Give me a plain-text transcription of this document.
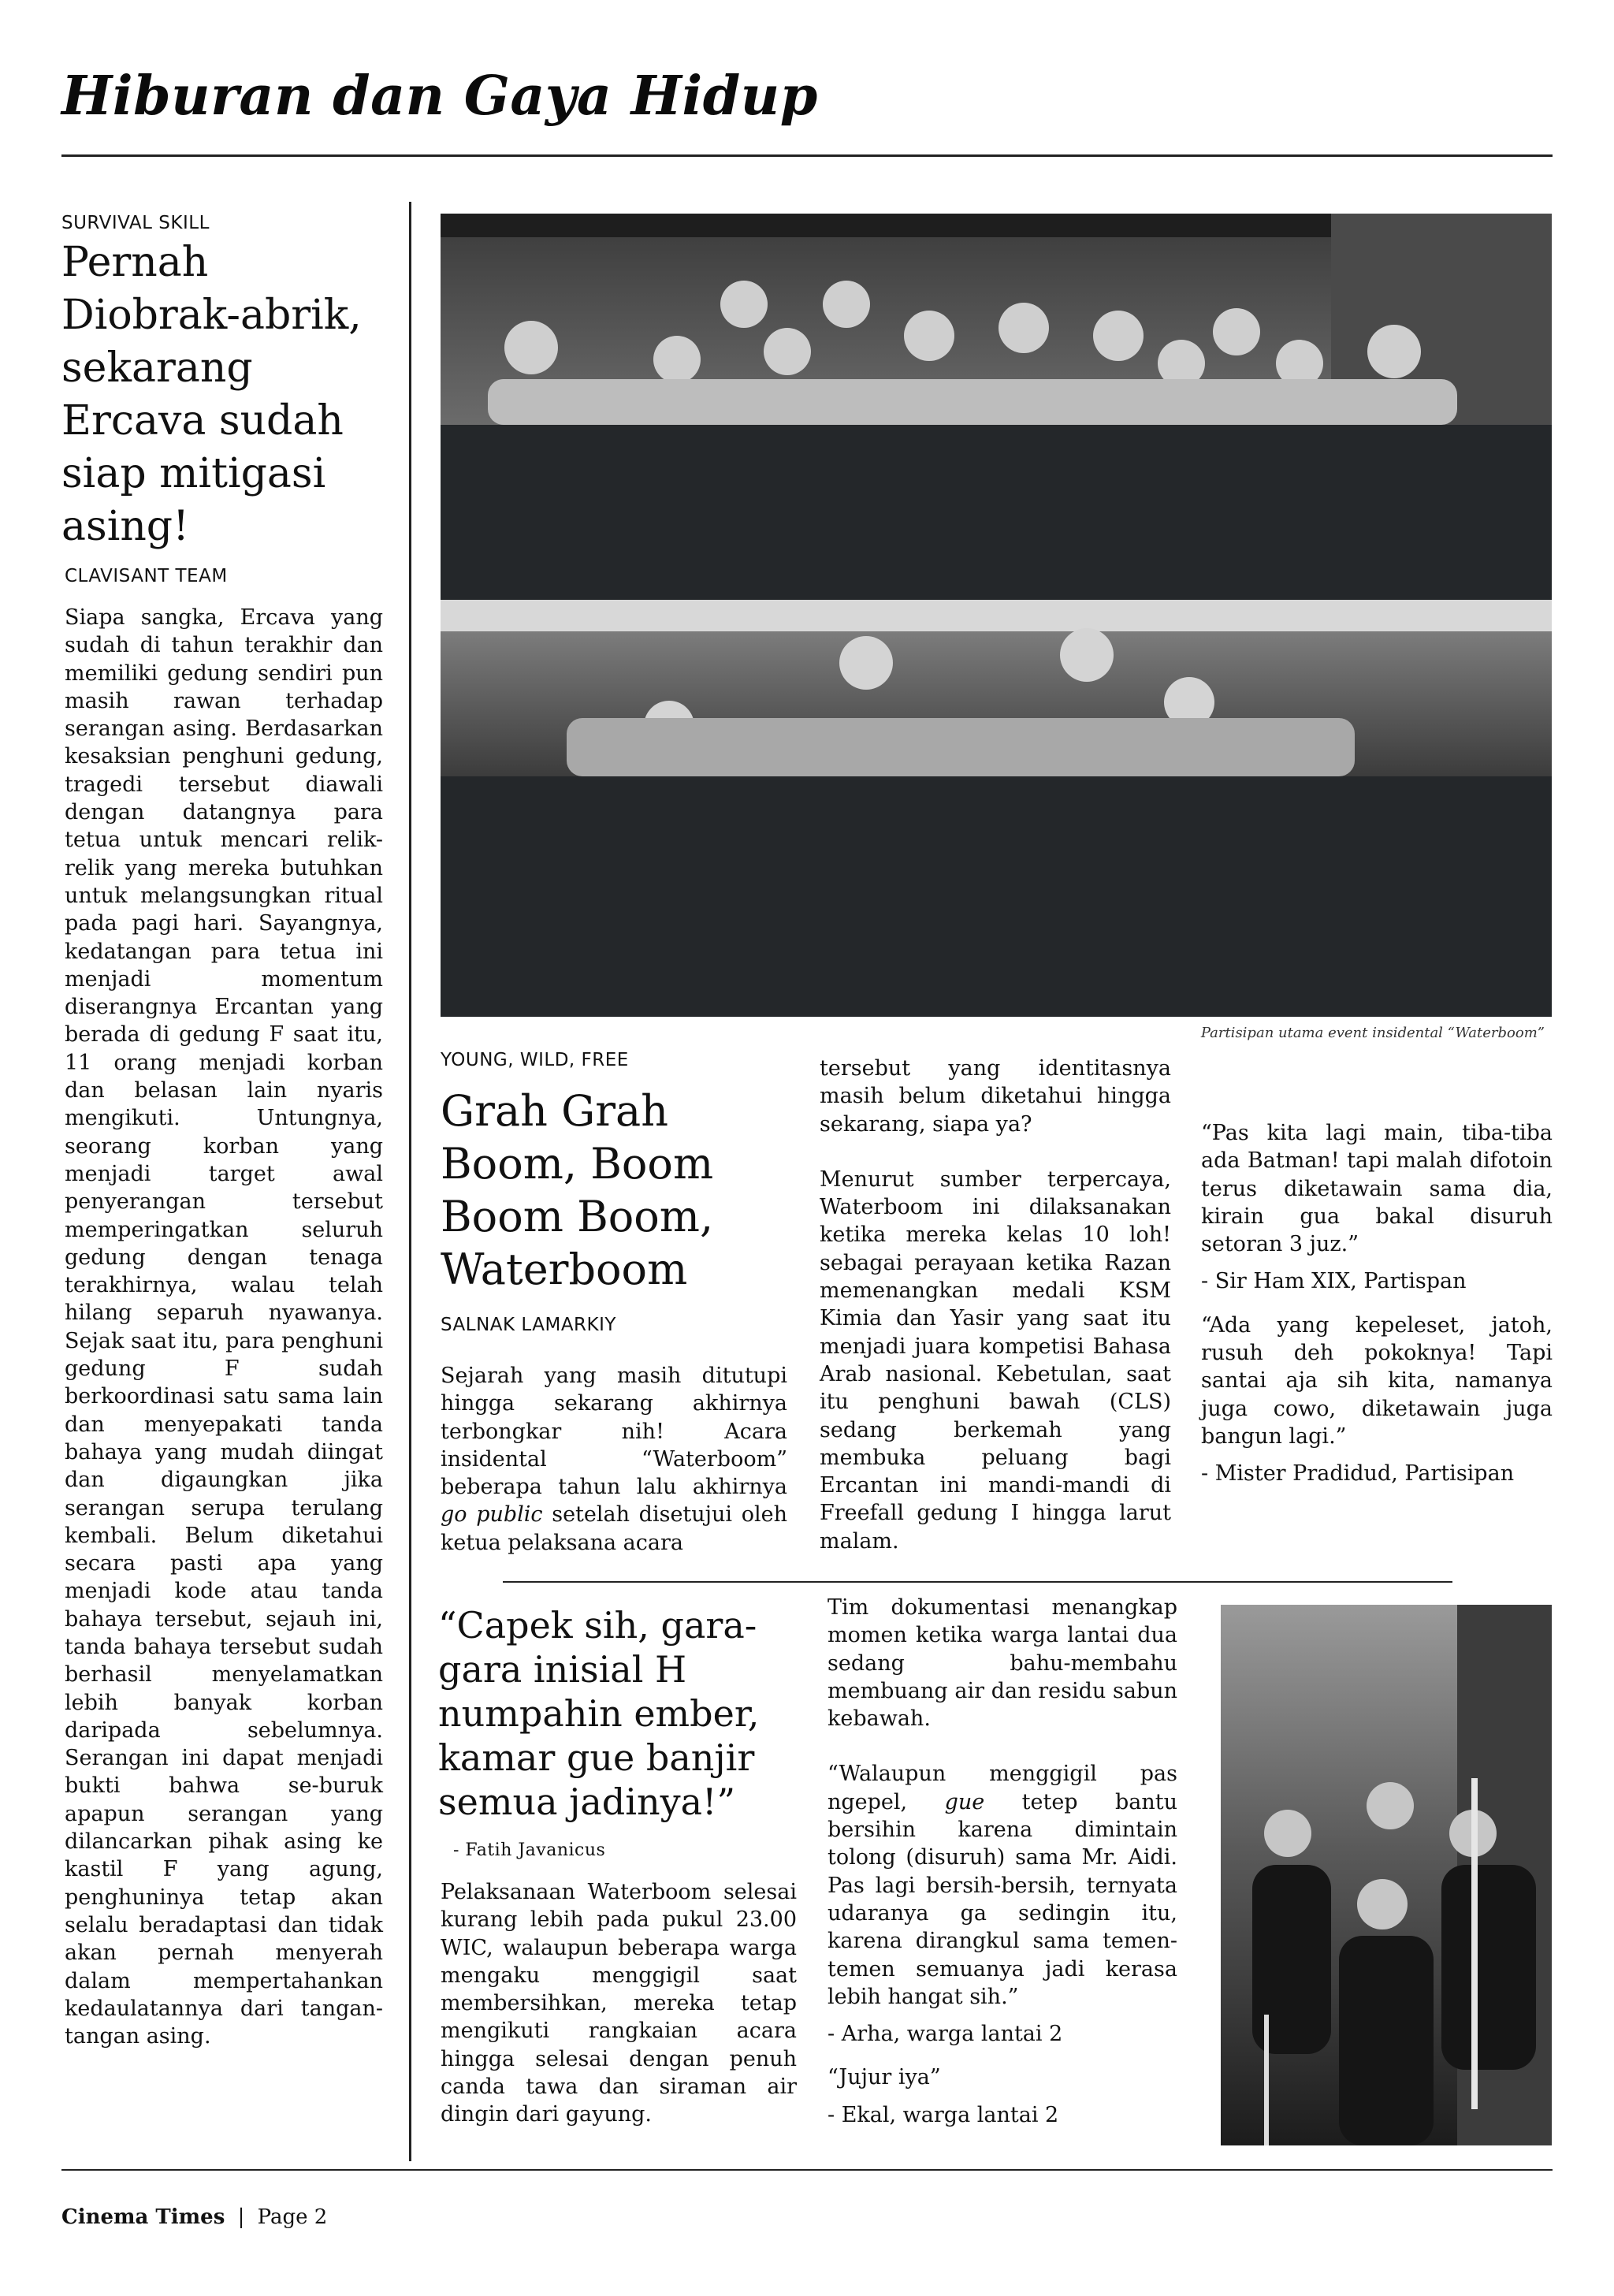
Hiburan dan Gaya Hidup
SURVIVAL SKILL
Pernah Diobrak-abrik, sekarang Ercava sudah siap mitigasi asing!
CLAVISANT TEAM

Siapa sangka, Ercava yang sudah di tahun terakhir dan memiliki gedung sendiri pun masih rawan terhadap serangan asing. Berdasarkan kesaksian penghuni gedung, tragedi tersebut diawali dengan datangnya para tetua untuk mencari relik-relik yang mereka butuhkan untuk melangsungkan ritual pada pagi hari. Sayangnya, kedatangan para tetua ini menjadi momentum diserangnya Ercantan yang berada di gedung F saat itu, 11 orang menjadi korban dan belasan lain nyaris mengikuti. Untungnya, seorang korban yang menjadi target awal penyerangan tersebut memperingatkan seluruh gedung dengan tenaga terakhirnya, walau telah hilang separuh nyawanya. Sejak saat itu, para penghuni gedung F sudah berkoordinasi satu sama lain dan menyepakati tanda bahaya yang mudah diingat dan digaungkan jika serangan serupa terulang kembali. Belum diketahui secara pasti apa yang menjadi kode atau tanda bahaya tersebut, sejauh ini, tanda bahaya tersebut sudah berhasil menyelamatkan lebih banyak korban daripada sebelumnya. Serangan ini dapat menjadi bukti bahwa se-buruk apapun serangan yang dilancarkan pihak asing ke kastil F yang agung, penghuninya tetap akan selalu beradaptasi dan tidak akan pernah menyerah dalam mempertahankan kedaulatannya dari tangan-tangan asing.

Partisipan utama event insidental “Waterboom”
YOUNG, WILD, FREE
Grah Grah Boom, Boom Boom Boom, Waterboom
SALNAK LAMARKIY

Sejarah yang masih ditutupi hingga sekarang akhirnya terbongkar nih! Acara insidental “Waterboom” beberapa tahun lalu akhirnya go public setelah disetujui oleh ketua pelaksana acara

tersebut yang identitasnya masih belum diketahui hingga sekarang, siapa ya?

Menurut sumber terpercaya, Waterboom ini dilaksanakan ketika mereka kelas 10 loh! sebagai perayaan ketika Razan memenangkan medali KSM Kimia dan Yasir yang saat itu menjadi juara kompetisi Bahasa Arab nasional. Kebetulan, saat itu penghuni bawah (CLS) sedang berkemah yang membuka peluang bagi Ercantan ini mandi-mandi di Freefall gedung I hingga larut malam.

“Pas kita lagi main, tiba-tiba ada Batman! tapi malah difotoin terus diketawain sama dia, kirain gua bakal disuruh setoran 3 juz.”

- Sir Ham XIX, Partispan

“Ada yang kepeleset, jatoh, rusuh deh pokoknya! Tapi santai aja sih kita, namanya juga cowo, diketawain juga bangun lagi.”

- Mister Pradidud, Partisipan

“Capek sih, gara-gara inisial H numpahin ember, kamar gue banjir semua jadinya!”
- Fatih Javanicus

Pelaksanaan Waterboom selesai kurang lebih pada pukul 23.00 WIC, walaupun beberapa warga mengaku menggigil saat membersihkan, mereka tetap mengikuti rangkaian acara hingga selesai dengan penuh canda tawa dan siraman air dingin dari gayung.

Tim dokumentasi menangkap momen ketika warga lantai dua sedang bahu-membahu membuang air dan residu sabun kebawah.

“Walaupun menggigil pas ngepel, gue tetep bantu bersihin karena dimintain tolong (disuruh) sama Mr. Aidi. Pas lagi bersih-bersih, ternyata udaranya ga sedingin itu, karena dirangkul sama temen-temen semuanya jadi kerasa lebih hangat sih.”

- Arha, warga lantai 2

“Jujur iya”

- Ekal, warga lantai 2

Cinema Times | Page 2
